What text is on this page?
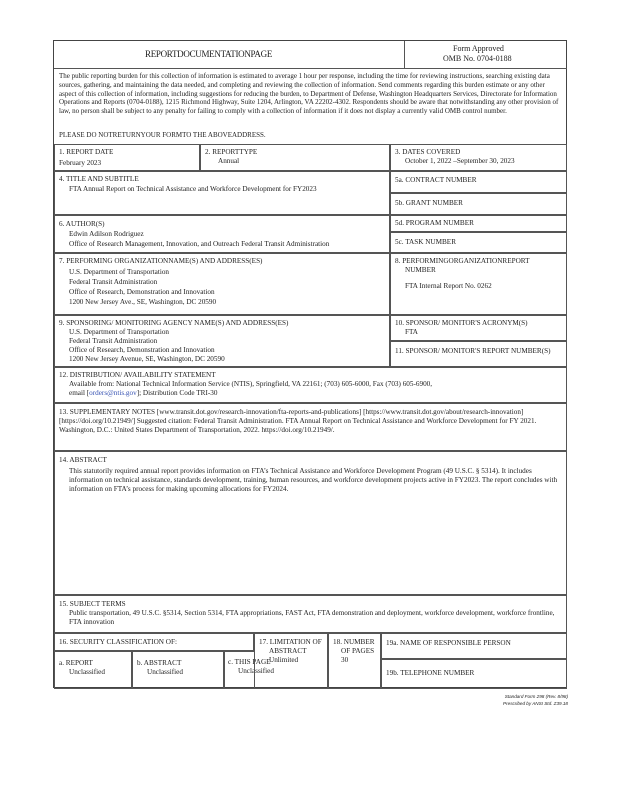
REPORTDOCUMENTATIONPAGE
Form Approved
OMB No. 0704-0188
The public reporting burden for this collection of information is estimated to average 1 hour per response, including the time for reviewing instructions, searching existing data sources, gathering, and maintaining the data needed, and completing and reviewing the collection of information. Send comments regarding this burden estimate or any other aspect of this collection of information, including suggestions for reducing the burden, to Department of Defense, Washington Headquarters Services, Directorate for Information Operations and Reports (0704-0188), 1215 Richmond Highway, Suite 1204, Arlington, VA 22202-4302. Respondents should be aware that notwithstanding any other provision of law, no person shall be subject to any penalty for failing to comply with a collection of information if it does not display a currently valid OMB control number.
PLEASE DO NOTRETURNYOUR FORMTO THE ABOVEADDRESS.
1. REPORT DATE
February 2023
2. REPORTTYPE
Annual
3. DATES COVERED
October 1, 2022 –September 30, 2023
4. TITLE AND SUBTITLE
FTA Annual Report on Technical Assistance and Workforce Development for FY2023
5a. CONTRACT NUMBER
5b. GRANT NUMBER
6. AUTHOR(S)
Edwin Adilson Rodriguez
Office of Research Management, Innovation, and Outreach Federal Transit Administration
5d. PROGRAM NUMBER
5c. TASK NUMBER
7. PERFORMING ORGANIZATIONNAME(S) AND ADDRESS(ES)
U.S. Department of Transportation
Federal Transit Administration
Office of Research, Demonstration and Innovation
1200 New Jersey Ave., SE, Washington, DC 20590
8. PERFORMINGORGANIZATIONREPORT
NUMBER
FTA Internal Report No. 0262
9. SPONSORING/ MONITORING AGENCY NAME(S) AND ADDRESS(ES)
U.S. Department of Transportation
Federal Transit Administration
Office of Research, Demonstration and Innovation
1200 New Jersey Avenue, SE, Washington, DC 20590
10. SPONSOR/ MONITOR'S ACRONYM(S)
FTA
11. SPONSOR/ MONITOR'S REPORT NUMBER(S)
12. DISTRIBUTION/ AVAILABILITY STATEMENT
Available from: National Technical Information Service (NTIS), Springfield, VA 22161; (703) 605-6000, Fax (703) 605-6900,
email [orders@ntis.gov]; Distribution Code TRI-30
13. SUPPLEMENTARY NOTES [www.transit.dot.gov/research-innovation/fta-reports-and-publications] [https://www.transit.dot.gov/about/research-innovation] [https://doi.org/10.21949/] Suggested citation: Federal Transit Administration. FTA Annual Report on Technical Assistance and Workforce Development for FY 2021. Washington, D.C.: United States Department of Transportation, 2022. https://doi.org/10.21949/.
14. ABSTRACT
This statutorily required annual report provides information on FTA’s Technical Assistance and Workforce Development Program (49 U.S.C. § 5314). It includes information on technical assistance, standards development, training, human resources, and workforce development projects active in FY2023. The report concludes with information on FTA’s process for making upcoming allocations for FY2024.
15. SUBJECT TERMS
Public transportation, 49 U.S.C. §5314, Section 5314, FTA appropriations, FAST Act, FTA demonstration and deployment, workforce development, workforce frontline, FTA innovation
16. SECURITY CLASSIFICATION OF:
a. REPORT
Unclassified
b. ABSTRACT
Unclassified
c. THIS PAGE
Unclassified
17. LIMITATION OF
ABSTRACT
Unlimited
18. NUMBER
OF PAGES
30
19a. NAME OF RESPONSIBLE PERSON
19b. TELEPHONE NUMBER
Standard Form 298 (Rev. 8/98)
Prescribed by ANSI Std. Z39.18
